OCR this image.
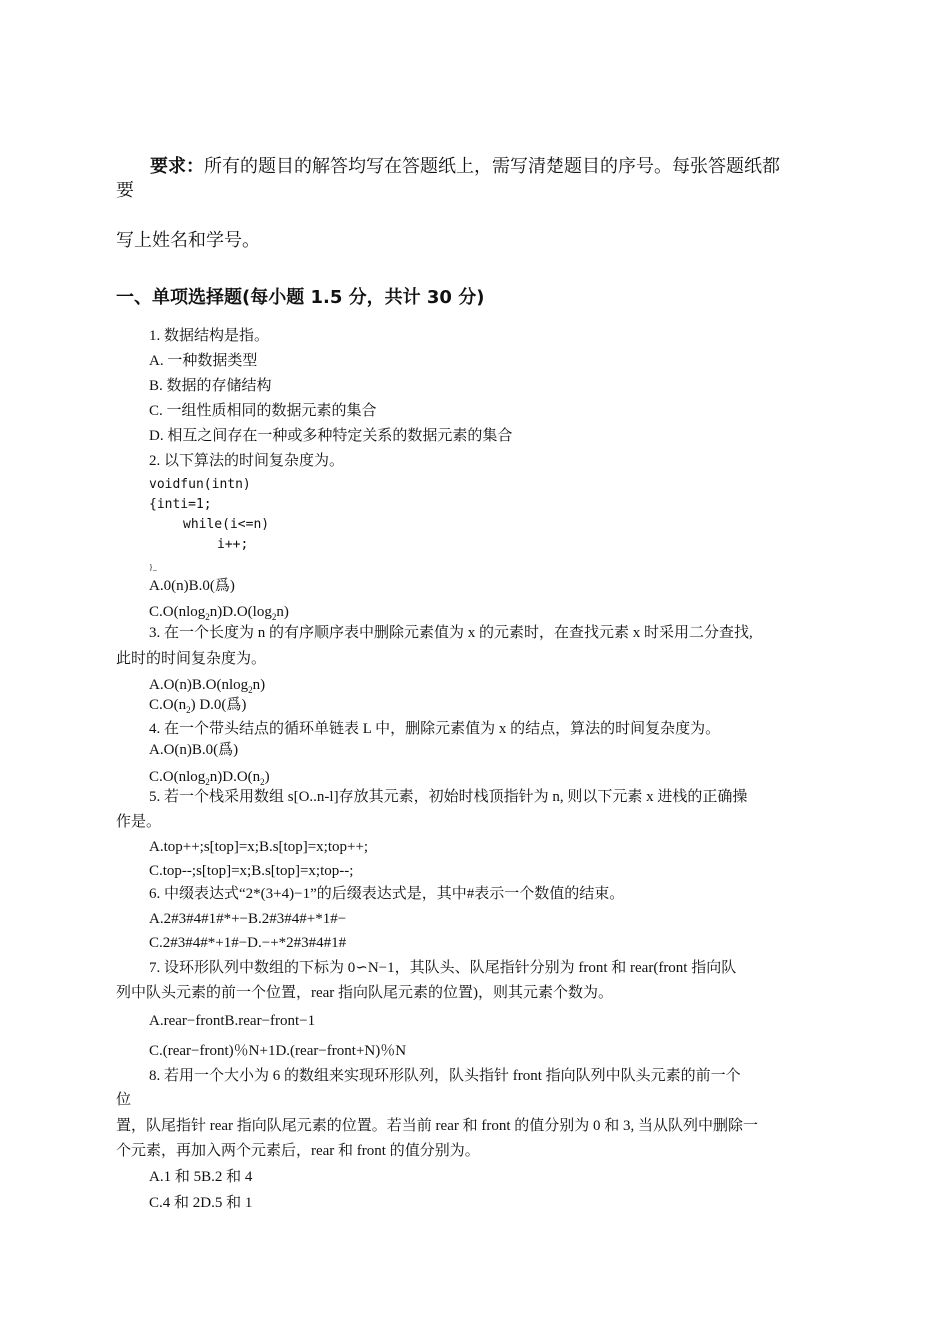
要求：所有的题目的解答均写在答题纸上，需写清楚题目的序号。每张答题纸都
要
写上姓名和学号。
一、单项选择题(每小题 1.5 分，共计 30 分)
1. 数据结构是指。
A. 一种数据类型
B. 数据的存储结构
C. 一组性质相同的数据元素的集合
D. 相互之间存在一种或多种特定关系的数据元素的集合
2. 以下算法的时间复杂度为。
voidfun(intn)
{inti=1;
while(i<=n)
i++;
}_
A.0(n)B.0(爲)
$C.O(nlog_2n)D.O(\log_2n)$
3. 在一个长度为 n 的有序顺序表中删除元素值为 x 的元素时，在查找元素 x 时采用二分查找,
此时的时间复杂度为。
A.O(n)B.O(nlog$_2$n)
$C.O(n_2)$ D.0(爲)
4. 在一个带头结点的循环单链表 L 中，删除元素值为 x 的结点，算法的时间复杂度为。
A.O(n)B.0(爲)
$C.O(nlog_2n)D.O(n_2)$
5. 若一个栈采用数组 s[O..n-l]存放其元素，初始时栈顶指针为 n, 则以下元素 x 进栈的正确操
作是。
A.top++;s[top]=x;B.s[top]=x;top++;
C.top--;s[top]=x;B.s[top]=x;top--;
6. 中缀表达式“2*(3+4)−1”的后缀表达式是，其中#表示一个数值的结束。
A.2#3#4#1#*+−B.2#3#4#+*1#−
C.2#3#4#*+1#−D.−+*2#3#4#1#
7. 设环形队列中数组的下标为 0∽N−1，其队头、队尾指针分别为 front 和 rear(front 指向队
列中队头元素的前一个位置，rear 指向队尾元素的位置)，则其元素个数为。
A.rear−frontB.rear−front−1
C.(rear−front)％N+1D.(rear−front+N)％N
8. 若用一个大小为 6 的数组来实现环形队列，队头指针 front 指向队列中队头元素的前一个
位
置，队尾指针 rear 指向队尾元素的位置。若当前 rear 和 front 的值分别为 0 和 3, 当从队列中删除一
个元素，再加入两个元素后，rear 和 front 的值分别为。
A.1 和 5B.2 和 4
C.4 和 2D.5 和 1
